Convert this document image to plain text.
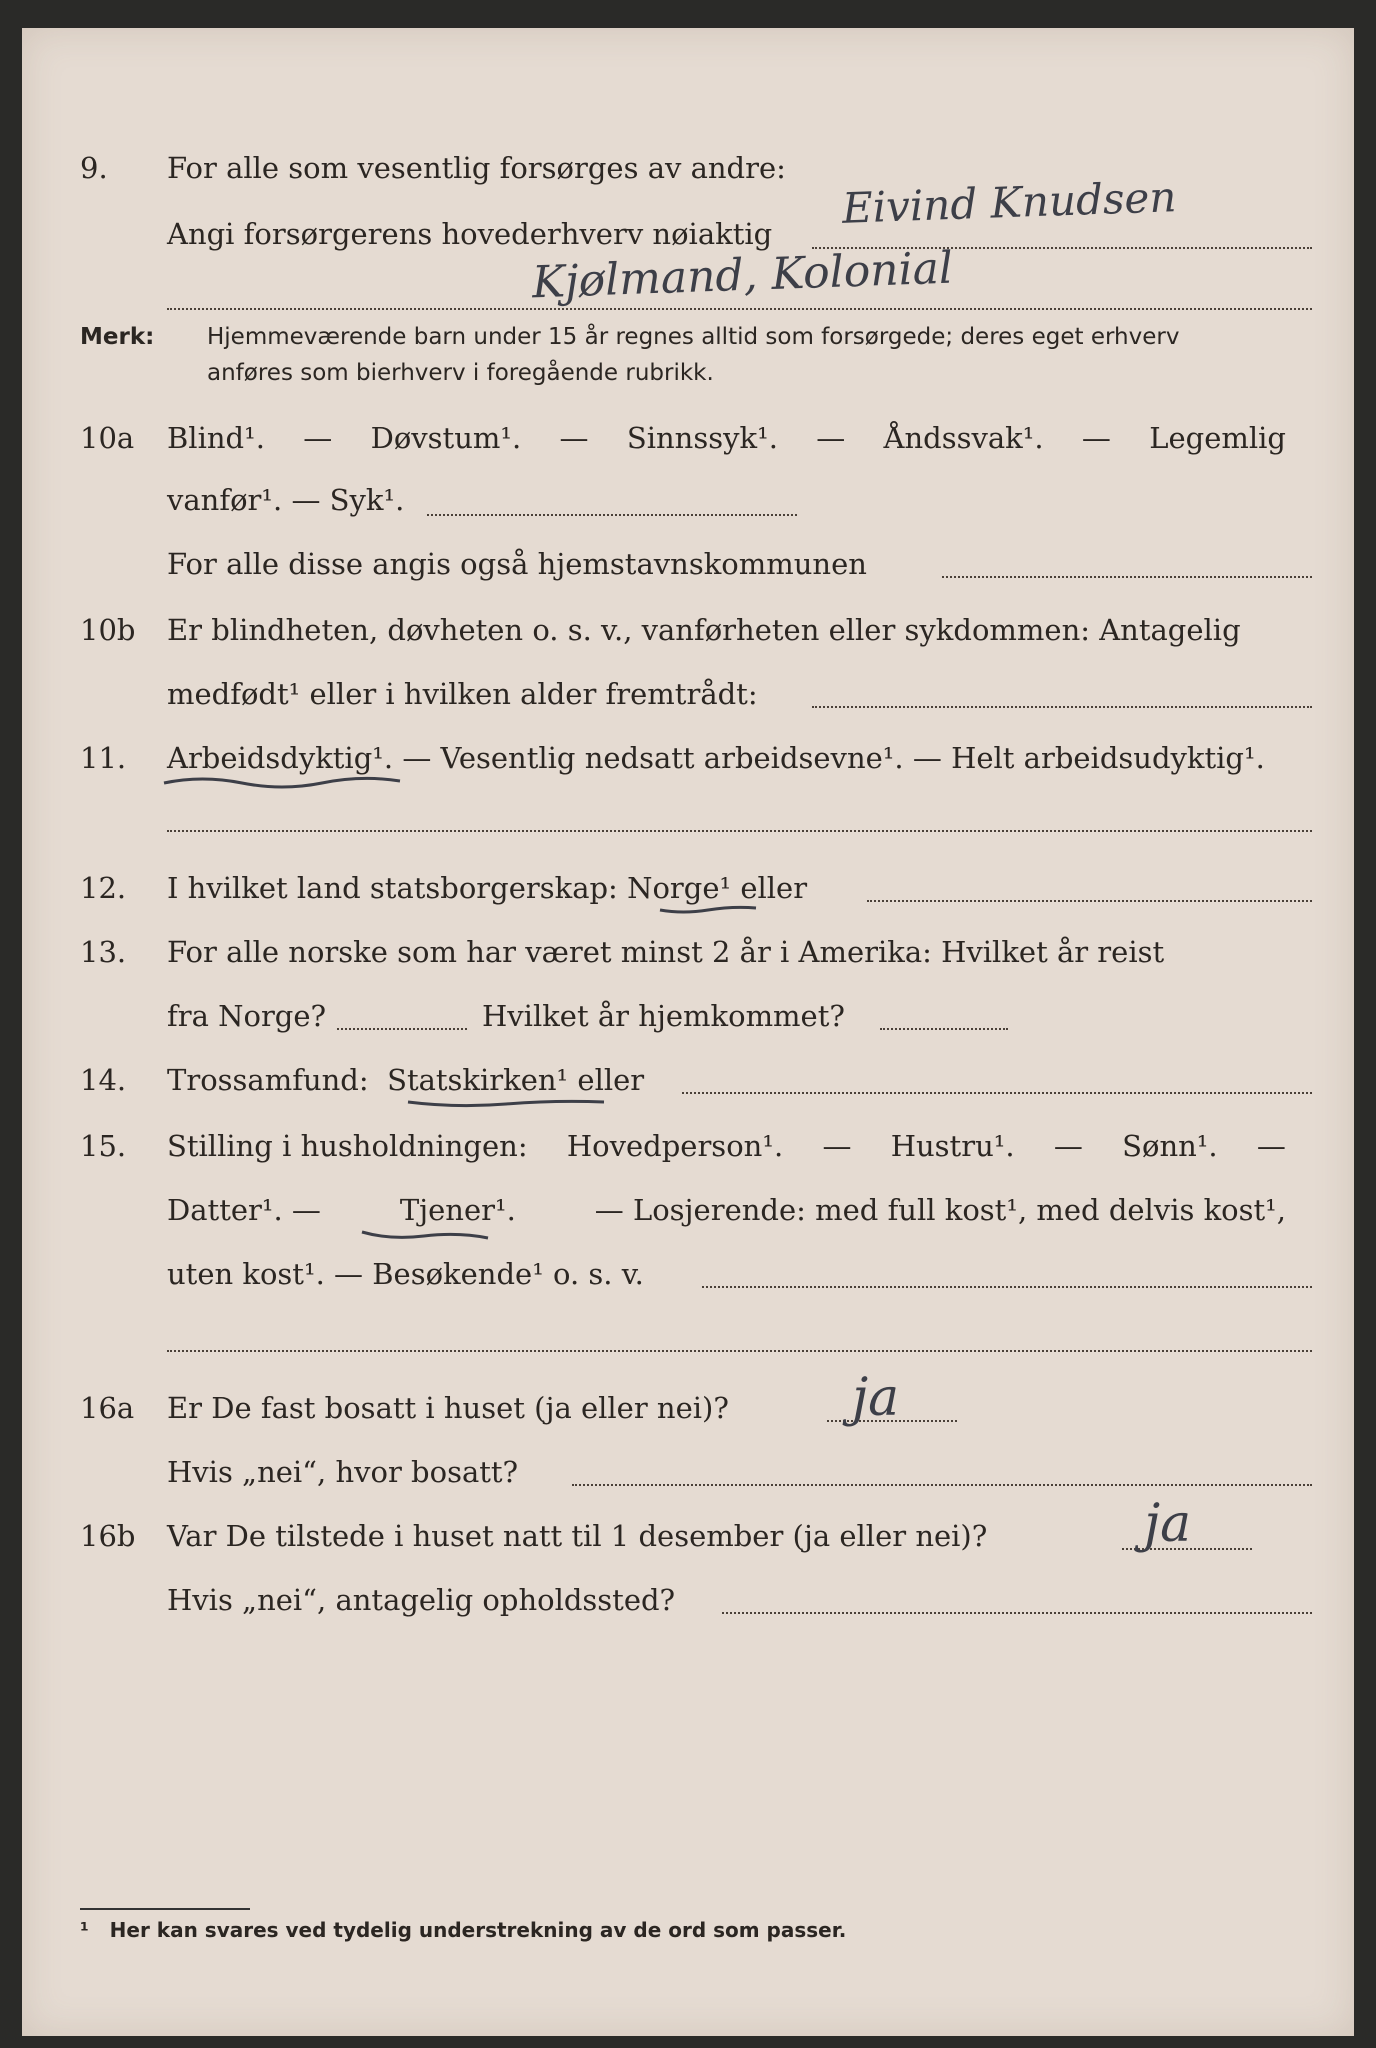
9. For alle som vesentlig forsørges av andre:
Angi forsørgerens hovederhverv nøiaktig
Eivind Knudsen
Kjølmand, Kolonial
Merk: Hjemmeværende barn under 15 år regnes alltid som forsørgede; deres eget erhverv
anføres som bierhverv i foregående rubrikk.
10a Blind¹. — Døvstum¹. — Sinnssyk¹. — Åndssvak¹. — Legemlig
vanfør¹. — Syk¹.
For alle disse angis også hjemstavnskommunen
10b Er blindheten, døvheten o. s. v., vanførheten eller sykdommen: Antagelig
medfødt¹ eller i hvilken alder fremtrådt:
11. Arbeidsdyktig¹. — Vesentlig nedsatt arbeidsevne¹. — Helt arbeidsudyktig¹.
12. I hvilket land statsborgerskap: Norge¹ eller
13. For alle norske som har været minst 2 år i Amerika: Hvilket år reist
fra Norge?	Hvilket år hjemkommet?
14. Trossamfund: Statskirken¹ eller
15. Stilling i husholdningen: Hovedperson¹. — Hustru¹. — Sønn¹. —
Datter¹. —	Tjener¹.	— Losjerende: med full kost¹, med delvis kost¹,
uten kost¹. — Besøkende¹ o. s. v.
16a Er De fast bosatt i huset (ja eller nei)? ja
Hvis „nei“, hvor bosatt?
16b Var De tilstede i huset natt til 1 desember (ja eller nei)?	ja
Hvis „nei“, antagelig opholdssted?
¹ Her kan svares ved tydelig understrekning av de ord som passer.
